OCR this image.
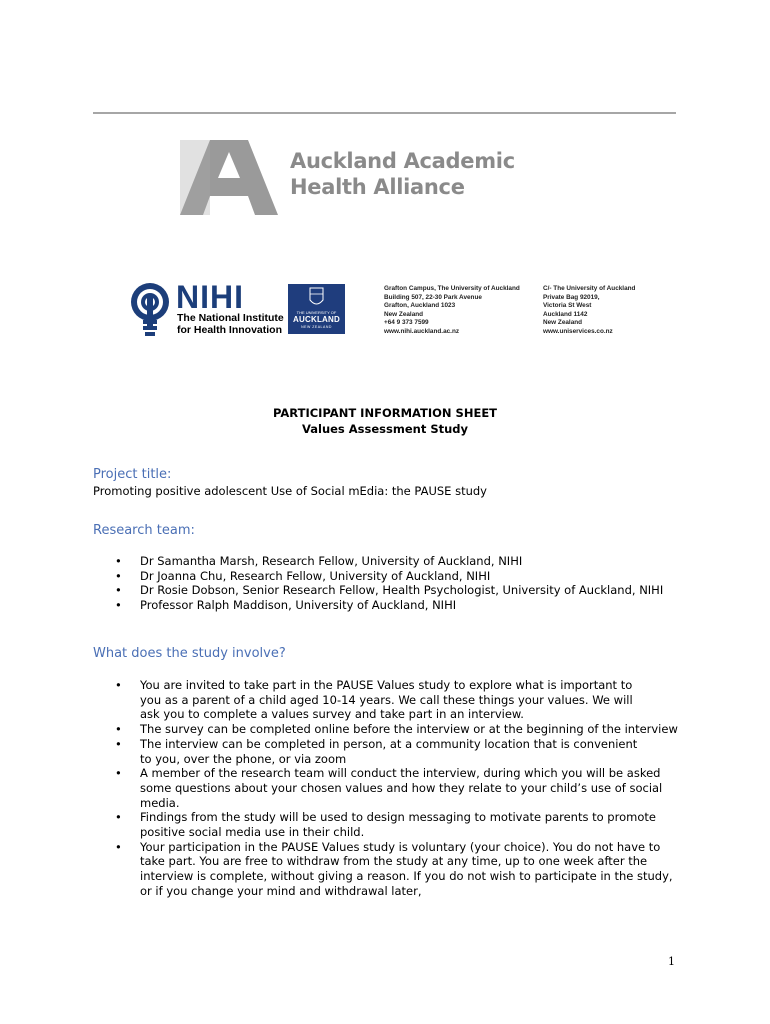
Auckland Academic
Health Alliance
NIHI
The National Institute
for Health Innovation
THE UNIVERSITY OF
AUCKLAND
NEW ZEALAND
Grafton Campus, The University of Auckland
Building 507, 22-30 Park Avenue
Grafton, Auckland 1023
New Zealand
+64 9 373 7599
www.nihi.auckland.ac.nz
C/- The University of Auckland
Private Bag 92019,
Victoria St West
Auckland 1142
New Zealand
www.uniservices.co.nz
PARTICIPANT INFORMATION SHEET
Values Assessment Study
Project title:
Promoting positive adolescent Use of Social mEdia: the PAUSE study
Research team:
• Dr Samantha Marsh, Research Fellow, University of Auckland, NIHI
• Dr Joanna Chu, Research Fellow, University of Auckland, NIHI
• Dr Rosie Dobson, Senior Research Fellow, Health Psychologist, University of Auckland, NIHI
• Professor Ralph Maddison, University of Auckland, NIHI
What does the study involve?
• You are invited to take part in the PAUSE Values study to explore what is important to you as a parent of a child aged 10-14 years. We call these things your values. We will ask you to complete a values survey and take part in an interview.
• The survey can be completed online before the interview or at the beginning of the interview
• The interview can be completed in person, at a community location that is convenient to you, over the phone, or via zoom
• A member of the research team will conduct the interview, during which you will be asked some questions about your chosen values and how they relate to your child’s use of social media.
• Findings from the study will be used to design messaging to motivate parents to promote positive social media use in their child.
• Your participation in the PAUSE Values study is voluntary (your choice). You do not have to take part. You are free to withdraw from the study at any time, up to one week after the interview is complete, without giving a reason. If you do not wish to participate in the study, or if you change your mind and withdrawal later,
1
